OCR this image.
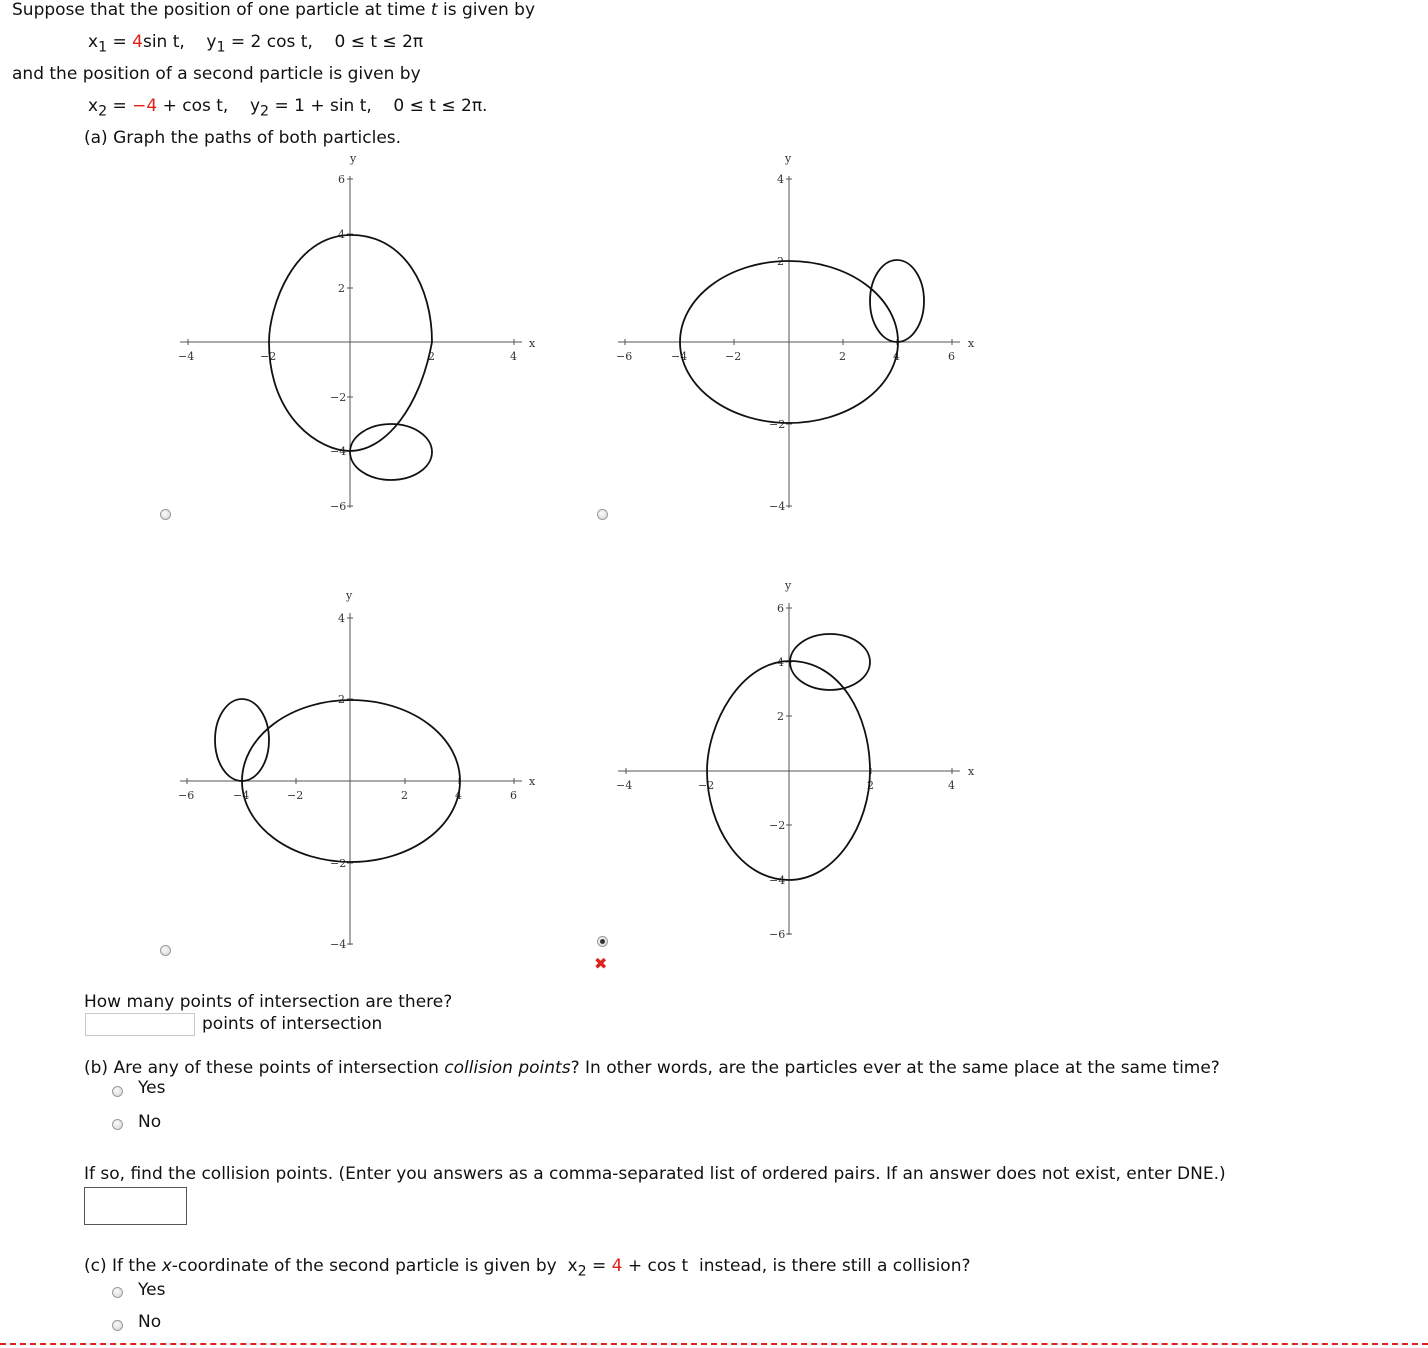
Suppose that the position of one particle at time t is given by
$x_1 = 4\sin$ t, $y_1 = 2$ cos t, 0 ≤ t ≤ 2π
and the position of a second particle is given by
$x_2 = -4 + \cos t$, $y_2 = 1 + \sin t$, 0 ≤ t ≤ 2π.
(a) Graph the paths of both particles.
y
x
−4	−2	2	4
6
4
2
−2
−4
−6
y
x
−6	−4	−2	2	4	6
4
2
−2
−4
y
x
−6	−4	−2	2	4	6
4
2
−2
−4
y
x
−4	−2	2	4
6
4
2
−2
−4
−6
✖
How many points of intersection are there?
points of intersection
(b) Are any of these points of intersection collision points? In other words, are the particles ever at the same place at the same time?
Yes
No
If so, find the collision points. (Enter you answers as a comma-separated list of ordered pairs. If an answer does not exist, enter DNE.)
(c) If the x-coordinate of the second particle is given by $x_2 = 4 + \cos t$ instead, is there still a collision?
Yes
No
